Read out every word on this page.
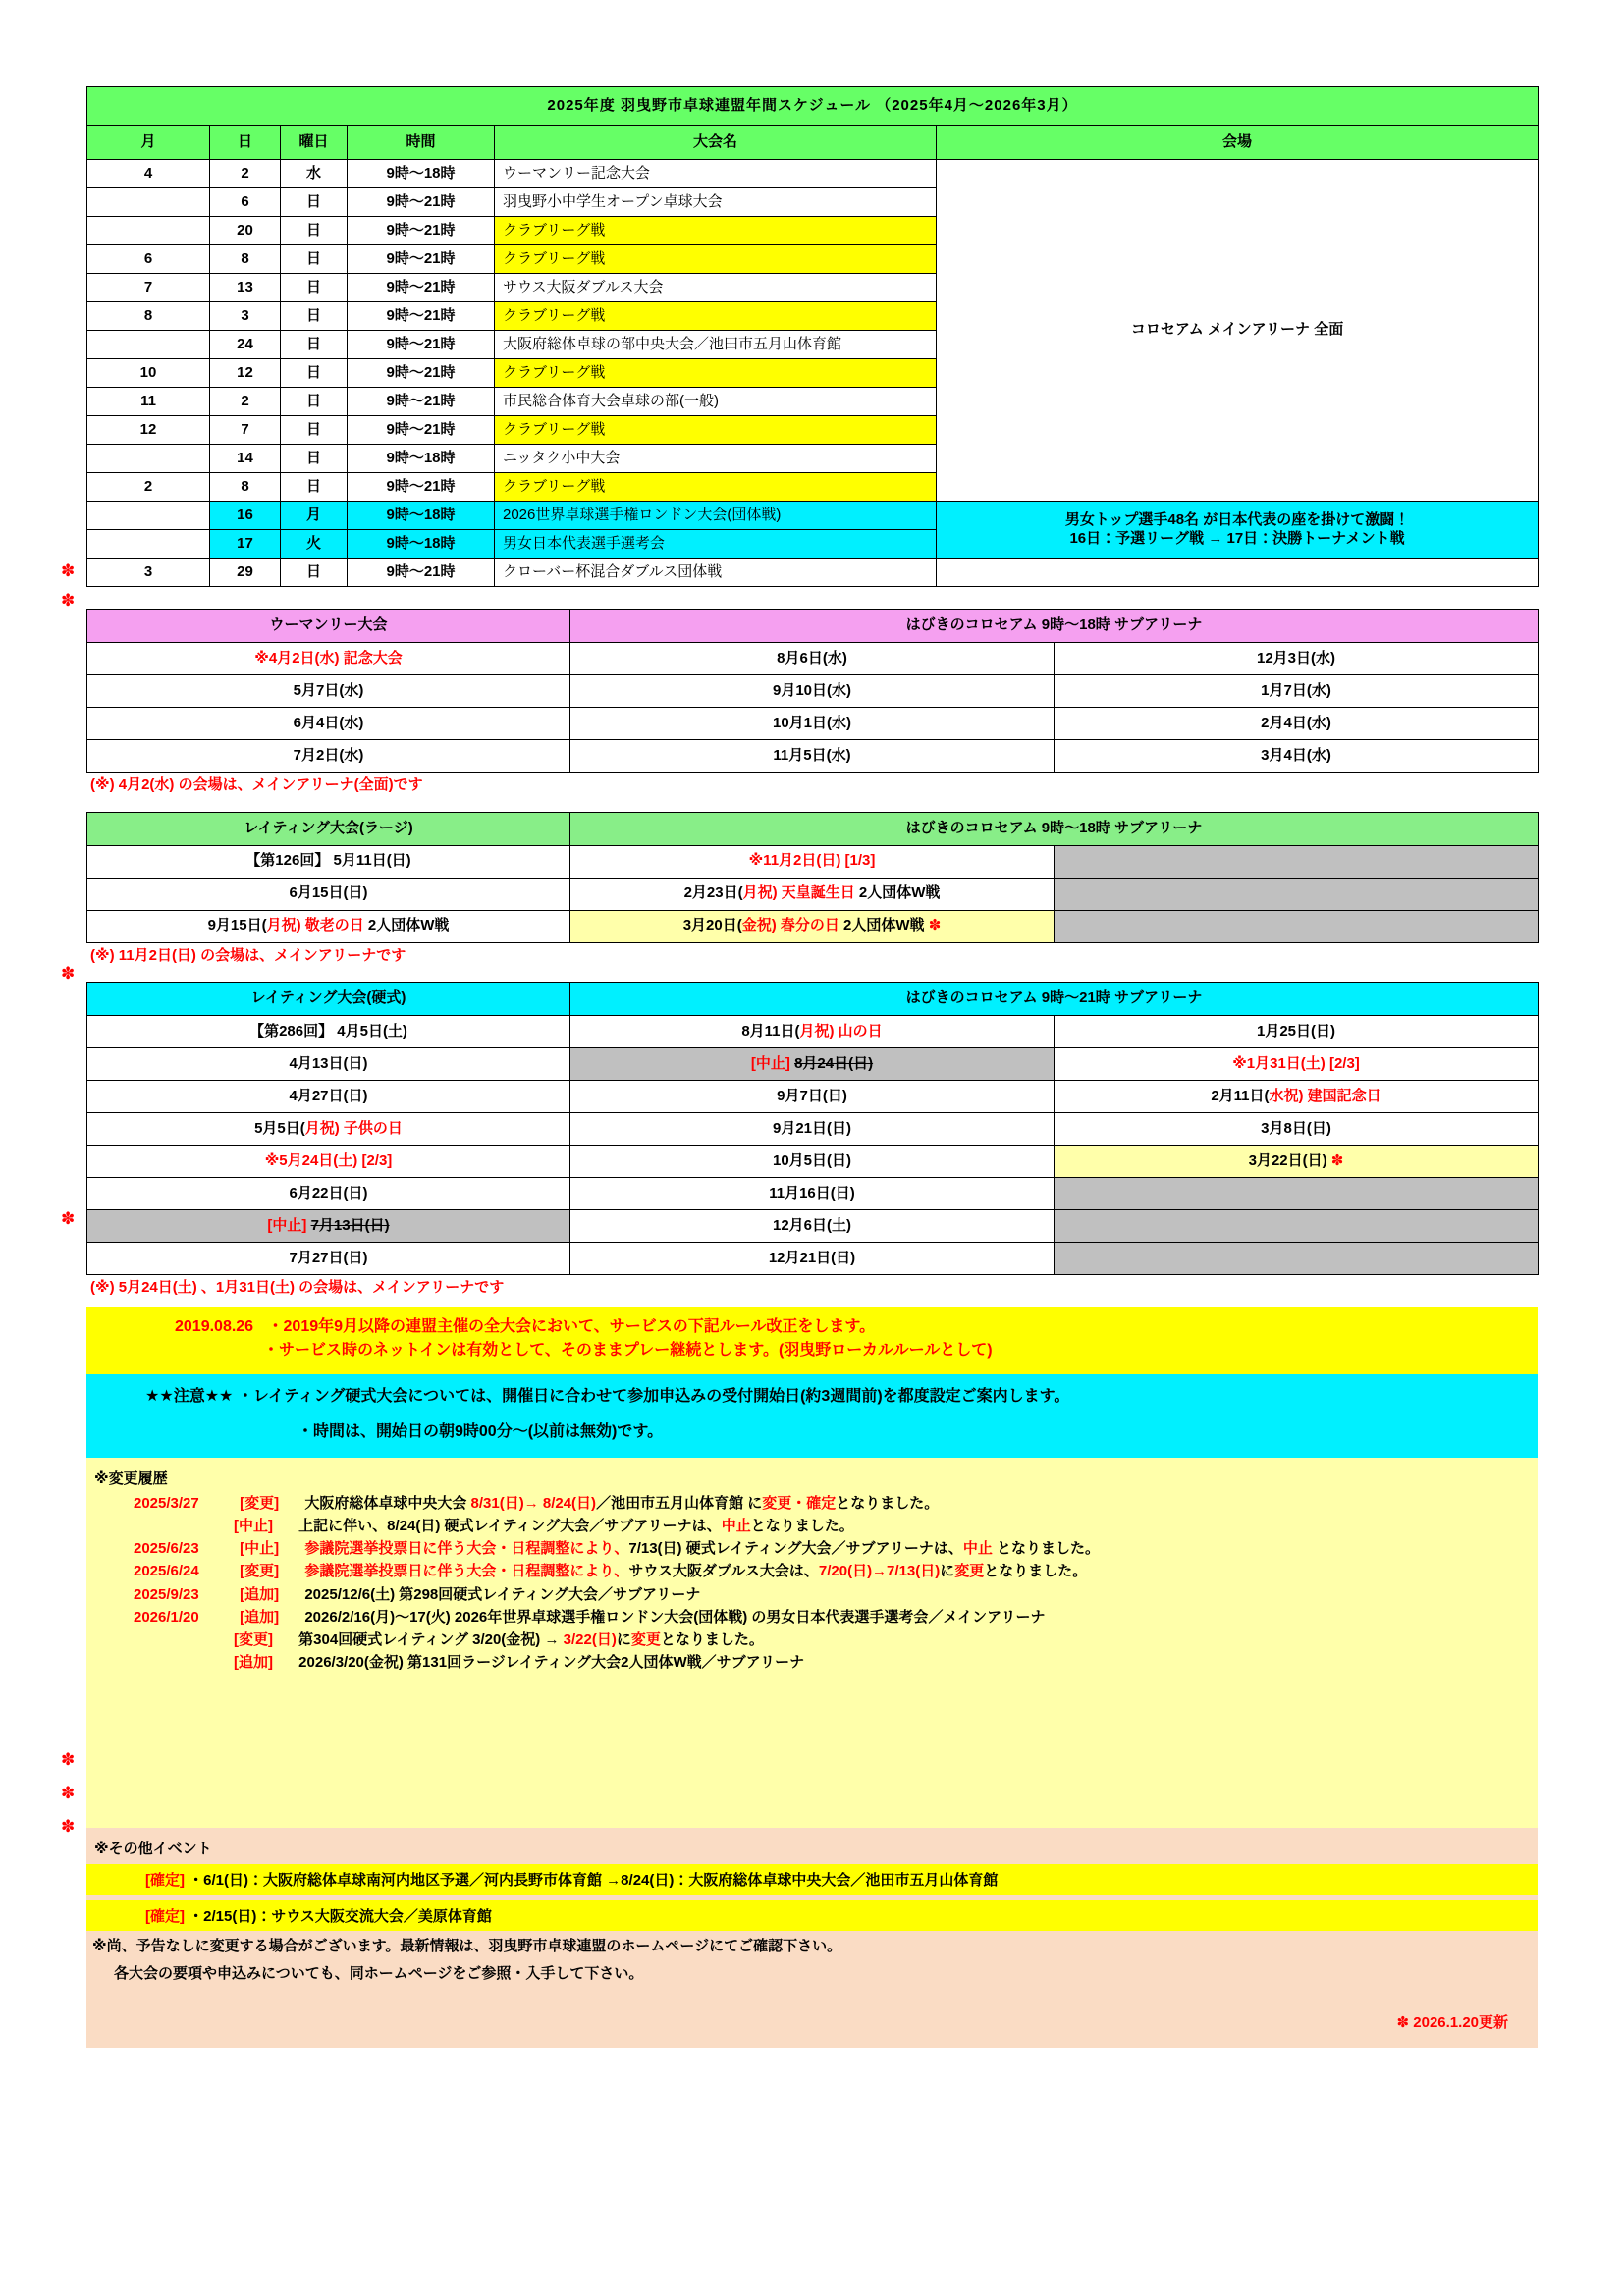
2025年度 羽曳野市卓球連盟年間スケジュール （2025年4月～2026年3月）					
月	日	曜日	時間	大会名	会場
4	2	水	9時～18時	ウーマンリー記念大会	コロセアム メインアリーナ 全面
	6	日	9時～21時	羽曳野小中学生オープン卓球大会	
	20	日	9時～21時	クラブリーグ戦	
6	8	日	9時～21時	クラブリーグ戦	
7	13	日	9時～21時	サウス大阪ダブルス大会	
8	3	日	9時～21時	クラブリーグ戦	
	24	日	9時～21時	大阪府総体卓球の部中央大会／池田市五月山体育館	
10	12	日	9時～21時	クラブリーグ戦	
11	2	日	9時～21時	市民総合体育大会卓球の部(一般)	
12	7	日	9時～21時	クラブリーグ戦	
	14	日	9時～18時	ニッタク小中大会	
2	8	日	9時～21時	クラブリーグ戦	
	16	月	9時～18時	2026世界卓球選手権ロンドン大会(団体戦)	男女トップ選手48名 が日本代表の座を掛けて激闘！
16日：予選リーグ戦 → 17日：決勝トーナメント戦

	17	火	9時～18時	男女日本代表選手選考会	
3	29	日	9時～21時	クローバー杯混合ダブルス団体戦	
ウーマンリー大会	はびきのコロセアム 9時～18時 サブアリーナ	
※4月2日(水) 記念大会	8月6日(水)	12月3日(水)
5月7日(水)	9月10日(水)	1月7日(水)
6月4日(水)	10月1日(水)	2月4日(水)
7月2日(水)	11月5日(水)	3月4日(水)
(※) 4月2(水) の会場は、メインアリーナ(全面)です
レイティング大会(ラージ)	はびきのコロセアム 9時～18時 サブアリーナ	
【第126回】 5月11日(日)	※11月2日(日) [1/3]	
6月15日(日)	2月23日(月祝) 天皇誕生日 2人団体W戦	
9月15日(月祝) 敬老の日 2人団体W戦	3月20日(金祝) 春分の日 2人団体W戦 ✽	
(※) 11月2日(日) の会場は、メインアリーナです
レイティング大会(硬式)	はびきのコロセアム 9時～21時 サブアリーナ	
【第286回】 4月5日(土)	8月11日(月祝) 山の日	1月25日(日)
4月13日(日)	[中止] 8月24日(日)	※1月31日(土) [2/3]
4月27日(日)	9月7日(日)	2月11日(水祝) 建国記念日
5月5日(月祝) 子供の日	9月21日(日)	3月8日(日)
※5月24日(土) [2/3]	10月5日(日)	3月22日(日) ✽
6月22日(日)	11月16日(日)	
[中止] 7月13日(日)	12月6日(土)	
7月27日(日)	12月21日(日)	
(※) 5月24日(土) 、1月31日(土) の会場は、メインアリーナです
2019.08.26 ・2019年9月以降の連盟主催の全大会において、サービスの下記ルール改正をします。
・サービス時のネットインは有効として、そのままプレー継続とします。(羽曳野ローカルルールとして)
★★注意★★ ・レイティング硬式大会については、開催日に合わせて参加申込みの受付開始日(約3週間前)を都度設定ご案内します。
・時間は、開始日の朝9時00分～(以前は無効)です。
※変更履歴
2025/3/27	[変更] 大阪府総体卓球中央大会 8/31(日)→ 8/24(日)／池田市五月山体育館 に変更・確定となりました。
[中止] 上記に伴い、8/24(日) 硬式レイティング大会／サブアリーナは、中止となりました。
2025/6/23	[中止] 参議院選挙投票日に伴う大会・日程調整により、7/13(日) 硬式レイティング大会／サブアリーナは、中止 となりました。
2025/6/24	[変更] 参議院選挙投票日に伴う大会・日程調整により、サウス大阪ダブルス大会は、7/20(日)→7/13(日)に変更となりました。
2025/9/23	[追加] 2025/12/6(土) 第298回硬式レイティング大会／サブアリーナ
2026/1/20	[追加] 2026/2/16(月)～17(火) 2026年世界卓球選手権ロンドン大会(団体戦) の男女日本代表選手選考会／メインアリーナ
[変更] 第304回硬式レイティング 3/20(金祝) → 3/22(日)に変更となりました。
[追加] 2026/3/20(金祝) 第131回ラージレイティング大会2人団体W戦／サブアリーナ
※その他イベント
[確定] ・6/1(日)：大阪府総体卓球南河内地区予選／河内長野市体育館 →8/24(日)：大阪府総体卓球中央大会／池田市五月山体育館
[確定] ・2/15(日)：サウス大阪交流大会／美原体育館
※尚、予告なしに変更する場合がございます。最新情報は、羽曳野市卓球連盟のホームページにてご確認下さい。
各大会の要項や申込みについても、同ホームページをご参照・入手して下さい。
✽ 2026.1.20更新
✽
✽
✽
✽
✽
✽
✽
